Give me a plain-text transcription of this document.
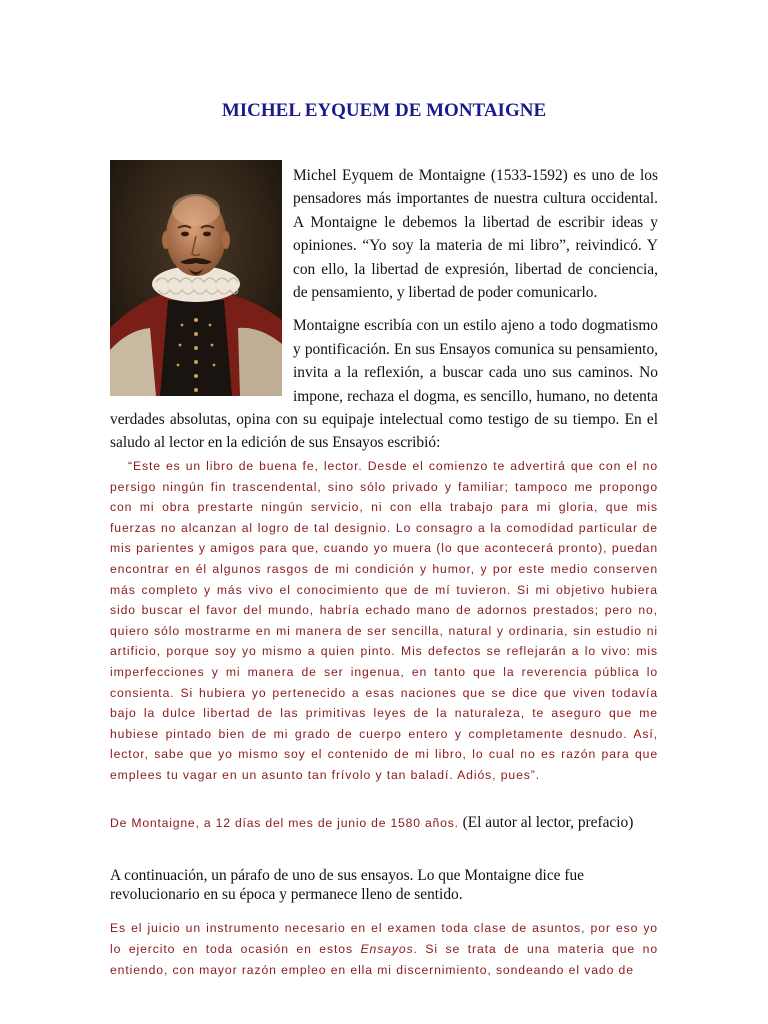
MICHEL EYQUEM DE MONTAIGNE

Michel Eyquem de Montaigne (1533-1592) es uno de los pensadores más importantes de nuestra cultura occidental. A Montaigne le debemos la libertad de escribir ideas y opiniones. “Yo soy la materia de mi libro”, reivindicó. Y con ello, la libertad de expresión, libertad de conciencia, de pensamiento, y libertad de poder comunicarlo.

Montaigne escribía con un estilo ajeno a todo dogmatismo y pontificación. En sus Ensayos comunica su pensamiento, invita a la reflexión, a buscar cada uno sus caminos. No impone, rechaza el dogma, es sencillo, humano, no detenta verdades absolutas, opina con su equipaje intelectual como testigo de su tiempo. En el saludo al lector en la edición de sus Ensayos escribió:

“Este es un libro de buena fe, lector. Desde el comienzo te advertirá que con el no persigo ningún fin trascendental, sino sólo privado y familiar; tampoco me propongo con mi obra prestarte ningún servicio, ni con ella trabajo para mi gloria, que mis fuerzas no alcanzan al logro de tal designio. Lo consagro a la comodidad particular de mis parientes y amigos para que, cuando yo muera (lo que acontecerá pronto), puedan encontrar en él algunos rasgos de mi condición y humor, y por este medio conserven más completo y más vivo el conocimiento que de mí tuvieron. Si mi objetivo hubiera sido buscar el favor del mundo, habría echado mano de adornos prestados; pero no, quiero sólo mostrarme en mi manera de ser sencilla, natural y ordinaria, sin estudio ni artificio, porque soy yo mismo a quien pinto. Mis defectos se reflejarán a lo vivo: mis imperfecciones y mi manera de ser ingenua, en tanto que la reverencia pública lo consienta. Si hubiera yo pertenecido a esas naciones que se dice que viven todavía bajo la dulce libertad de las primitivas leyes de la naturaleza, te aseguro que me hubiese pintado bien de mi grado de cuerpo entero y completamente desnudo. Así, lector, sabe que yo mismo soy el contenido de mi libro, lo cual no es razón para que emplees tu vagar en un asunto tan frívolo y tan baladí. Adiós, pues”.

De Montaigne, a 12 días del mes de junio de 1580 años. (El autor al lector, prefacio)

A continuación, un párafo de uno de sus ensayos. Lo que Montaigne dice fue revolucionario en su época y permanece lleno de sentido.

Es el juicio un instrumento necesario en el examen toda clase de asuntos, por eso yo lo ejercito en toda ocasión en estos Ensayos. Si se trata de una materia que no entiendo, con mayor razón empleo en ella mi discernimiento, sondeando el vado de
